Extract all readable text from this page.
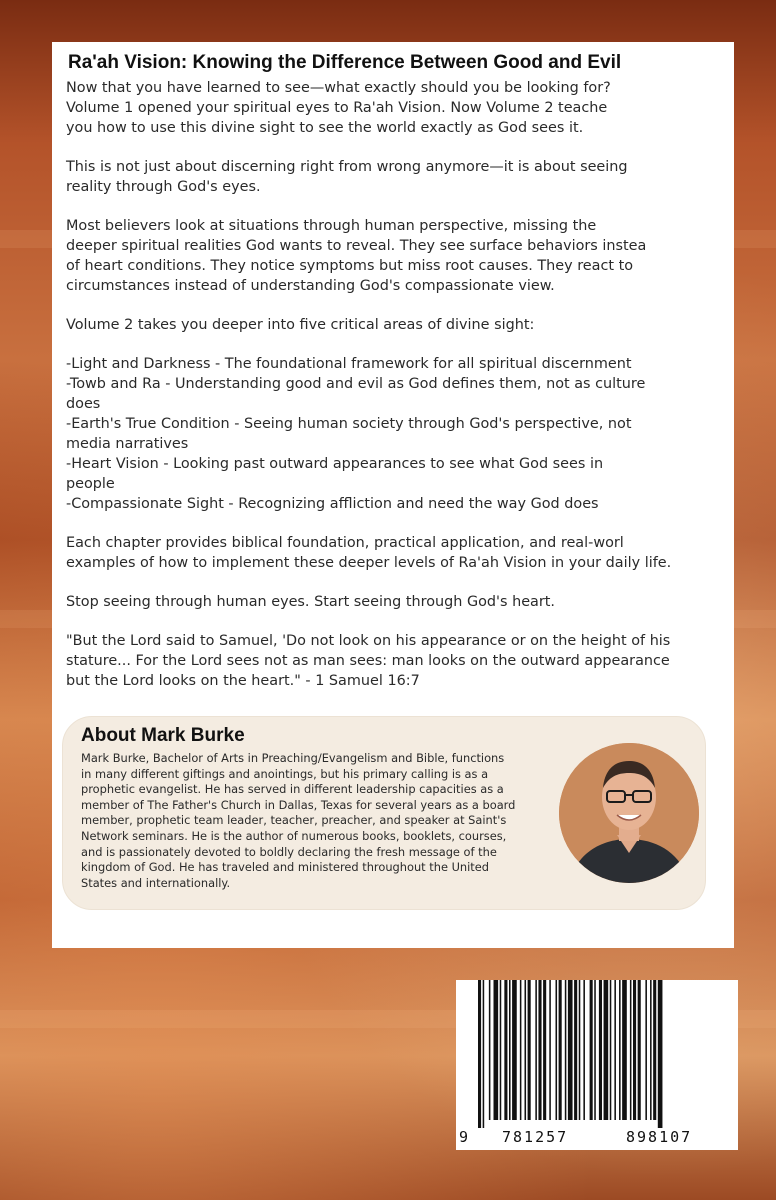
Ra'ah Vision: Knowing the Difference Between Good and Evil

Now that you have learned to see—what exactly should you be looking for?

Volume 1 opened your spiritual eyes to Ra'ah Vision. Now Volume 2 teache

you how to use this divine sight to see the world exactly as God sees it.

This is not just about discerning right from wrong anymore—it is about seeing

reality through God's eyes.

Most believers look at situations through human perspective, missing the

deeper spiritual realities God wants to reveal. They see surface behaviors instea

of heart conditions. They notice symptoms but miss root causes. They react to

circumstances instead of understanding God's compassionate view.

Volume 2 takes you deeper into five critical areas of divine sight:

-Light and Darkness - The foundational framework for all spiritual discernment

-Towb and Ra - Understanding good and evil as God defines them, not as culture

does

-Earth's True Condition - Seeing human society through God's perspective, not

media narratives

-Heart Vision - Looking past outward appearances to see what God sees in

people

-Compassionate Sight - Recognizing affliction and need the way God does

Each chapter provides biblical foundation, practical application, and real-worl

examples of how to implement these deeper levels of Ra'ah Vision in your daily life.

Stop seeing through human eyes. Start seeing through God's heart.

"But the Lord said to Samuel, 'Do not look on his appearance or on the height of his

stature... For the Lord sees not as man sees: man looks on the outward appearance

but the Lord looks on the heart." - 1 Samuel 16:7

About Mark Burke
Mark Burke, Bachelor of Arts in Preaching/Evangelism and Bible, functions
in many different giftings and anointings, but his primary calling is as a
prophetic evangelist. He has served in different leadership capacities as a
member of The Father's Church in Dallas, Texas for several years as a board
member, prophetic team leader, teacher, preacher, and speaker at Saint's
Network seminars. He is the author of numerous books, booklets, courses,
and is passionately devoted to boldly declaring the fresh message of the
kingdom of God. He has traveled and ministered throughout the United
States and internationally.
9 781257	898107
